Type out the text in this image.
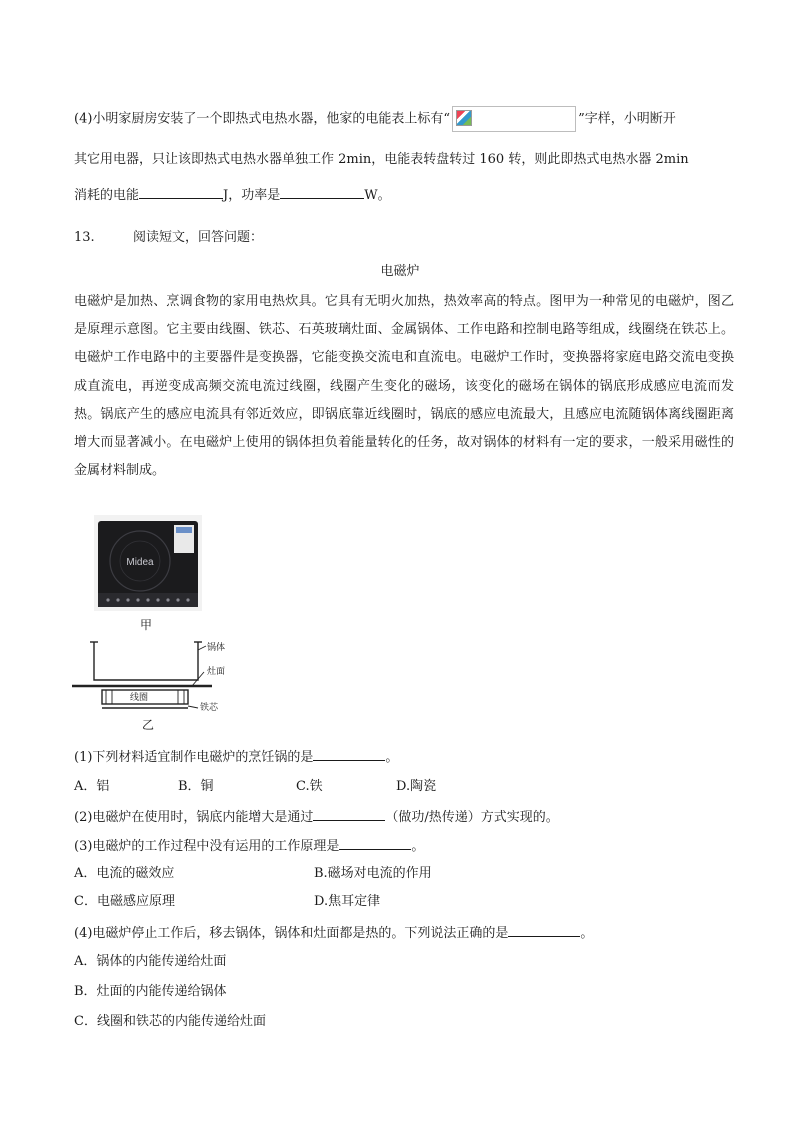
(4)小明家厨房安装了一个即热式电热水器，他家的电能表上标有“	”字样，小明断开
其它用电器，只让该即热式电热水器单独工作 2min，电能表转盘转过 160 转，则此即热式电热水器 2min
消耗的电能	J，功率是	W。
13.	阅读短文，回答问题：
电磁炉
电磁炉是加热、烹调食物的家用电热炊具。它具有无明火加热，热效率高的特点。图甲为一种常见的电磁炉，图乙是原理示意图。它主要由线圈、铁芯、石英玻璃灶面、金属锅体、工作电路和控制电路等组成，线圈绕在铁芯上。电磁炉工作电路中的主要器件是变换器，它能变换交流电和直流电。电磁炉工作时，变换器将家庭电路交流电变换成直流电，再逆变成高频交流电流过线圈，线圈产生变化的磁场，该变化的磁场在锅体的锅底形成感应电流而发热。锅底产生的感应电流具有邻近效应，即锅底靠近线圈时，锅底的感应电流最大，且感应电流随锅体离线圈距离增大而显著减小。在电磁炉上使用的锅体担负着能量转化的任务，故对锅体的材料有一定的要求，一般采用磁性的金属材料制成。
Midea
甲
锅体
灶面
线圈
铁芯
乙
(1)下列材料适宜制作电磁炉的烹饪锅的是	。
A．铝	B．铜	C.铁	D.陶瓷
(2)电磁炉在使用时，锅底内能增大是通过	（做功/热传递）方式实现的。
(3)电磁炉的工作过程中没有运用的工作原理是	。
A．电流的磁效应	B.磁场对电流的作用
C．电磁感应原理	D.焦耳定律
(4)电磁炉停止工作后，移去锅体，锅体和灶面都是热的。下列说法正确的是	。
A．锅体的内能传递给灶面
B．灶面的内能传递给锅体
C．线圈和铁芯的内能传递给灶面
